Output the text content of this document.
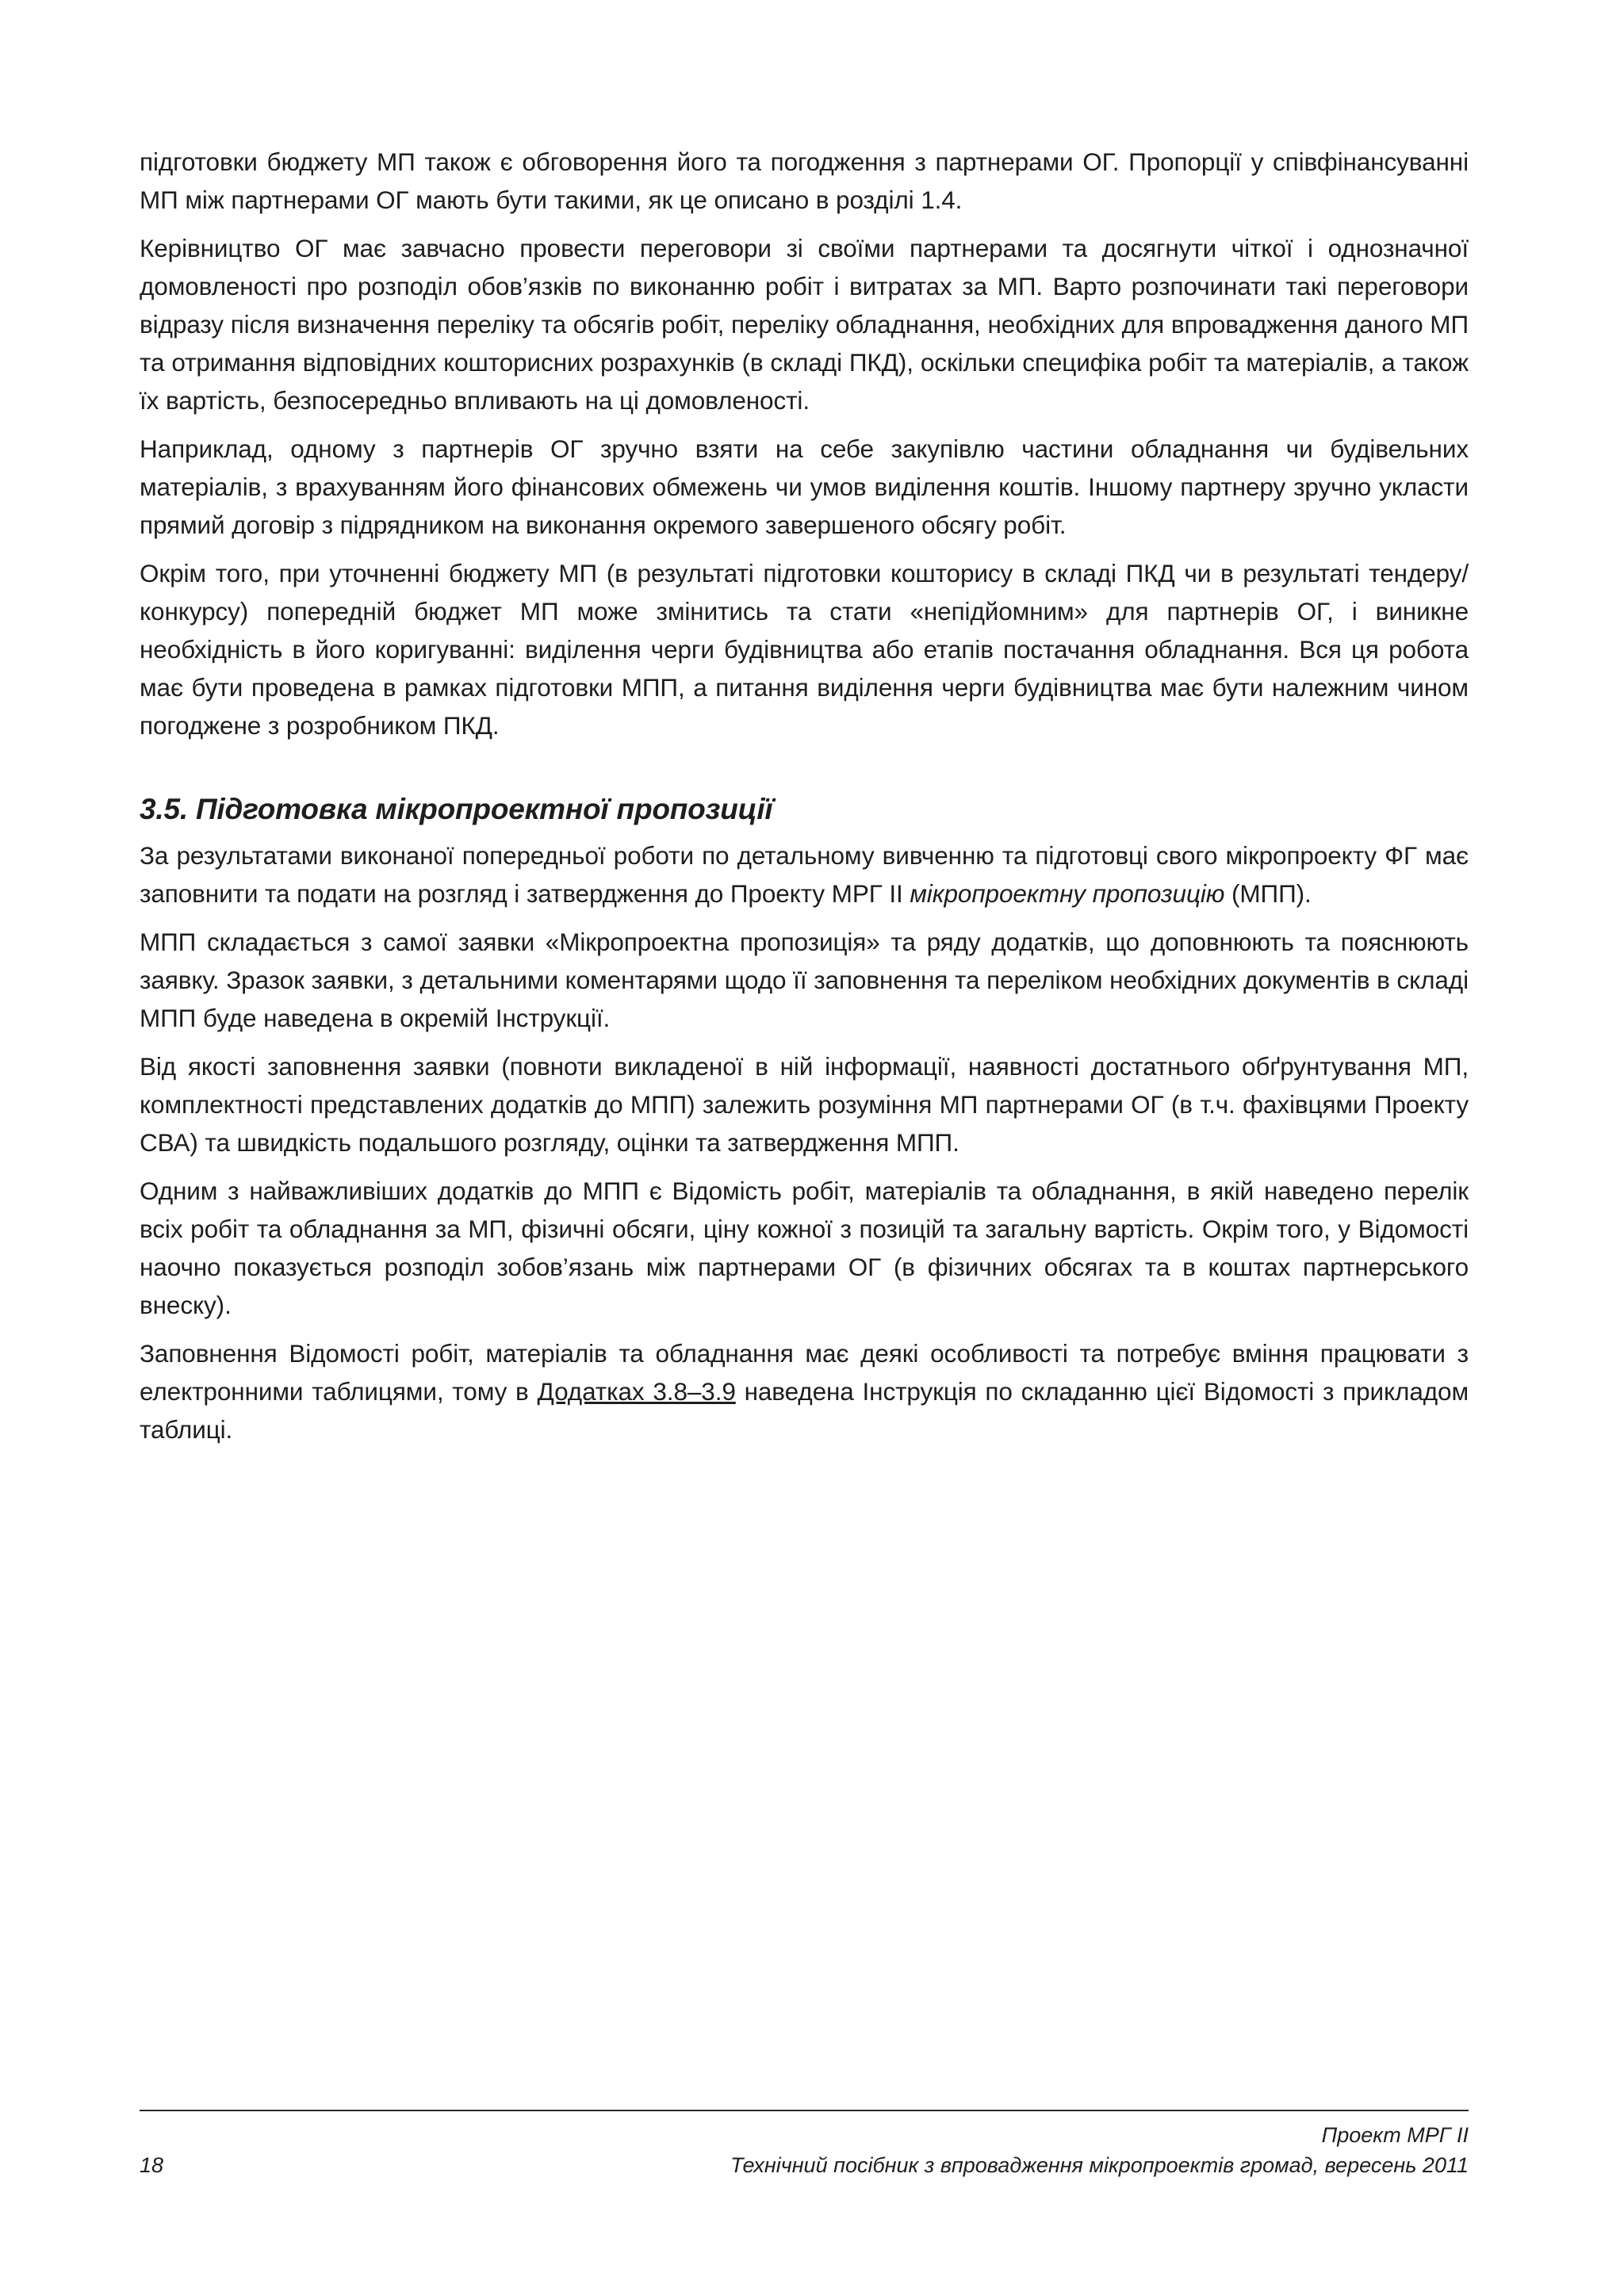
підготовки бюджету МП також є обговорення його та погодження з партнерами ОГ. Пропорції у співфінансуванні МП між партнерами ОГ мають бути такими, як це описано в розділі 1.4.

Керівництво ОГ має завчасно провести переговори зі своїми партнерами та досягнути чіткої і однозначної домовленості про розподіл обов’язків по виконанню робіт і витратах за МП. Варто розпочинати такі переговори відразу після визначення переліку та обсягів робіт, переліку обладнання, необхідних для впровадження даного МП та отримання відповідних кошторисних розрахунків (в складі ПКД), оскільки специфіка робіт та матеріалів, а також їх вартість, безпосередньо впливають на ці домовленості.

Наприклад, одному з партнерів ОГ зручно взяти на себе закупівлю частини обладнання чи будівельних матеріалів, з врахуванням його фінансових обмежень чи умов виділення коштів. Іншому партнеру зручно укласти прямий договір з підрядником на виконання окремого завершеного обсягу робіт.

Окрім того, при уточненні бюджету МП (в результаті підготовки кошторису в складі ПКД чи в результаті тендеру/конкурсу) попередній бюджет МП може змінитись та стати «непідйомним» для партнерів ОГ, і виникне необхідність в його коригуванні: виділення черги будівництва або етапів постачання обладнання. Вся ця робота має бути проведена в рамках підготовки МПП, а питання виділення черги будівництва має бути належним чином погоджене з розробником ПКД.

3.5. Підготовка мікропроектної пропозиції

За результатами виконаної попередньої роботи по детальному вивченню та підготовці свого мікропроекту ФГ має заповнити та подати на розгляд і затвердження до Проекту МРГ ІІ мікропроектну пропозицію (МПП).

МПП складається з самої заявки «Мікропроектна пропозиція» та ряду додатків, що доповнюють та пояснюють заявку. Зразок заявки, з детальними коментарями щодо її заповнення та переліком необхідних документів в складі МПП буде наведена в окремій Інструкції.

Від якості заповнення заявки (повноти викладеної в ній інформації, наявності достатнього обґрунтування МП, комплектності представлених додатків до МПП) залежить розуміння МП партнерами ОГ (в т.ч. фахівцями Проекту СВА) та швидкість подальшого розгляду, оцінки та затвердження МПП.

Одним з найважливіших додатків до МПП є Відомість робіт, матеріалів та обладнання, в якій наведено перелік всіх робіт та обладнання за МП, фізичні обсяги, ціну кожної з позицій та загальну вартість. Окрім того, у Відомості наочно показується розподіл зобов’язань між партнерами ОГ (в фізичних обсягах та в коштах партнерського внеску).

Заповнення Відомості робіт, матеріалів та обладнання має деякі особливості та потребує вміння працювати з електронними таблицями, тому в Додатках 3.8–3.9 наведена Інструкція по складанню цієї Відомості з прикладом таблиці.

Проект МРГ ІІ
Технічний посібник з впровадження мікропроектів громад, вересень 2011
18
